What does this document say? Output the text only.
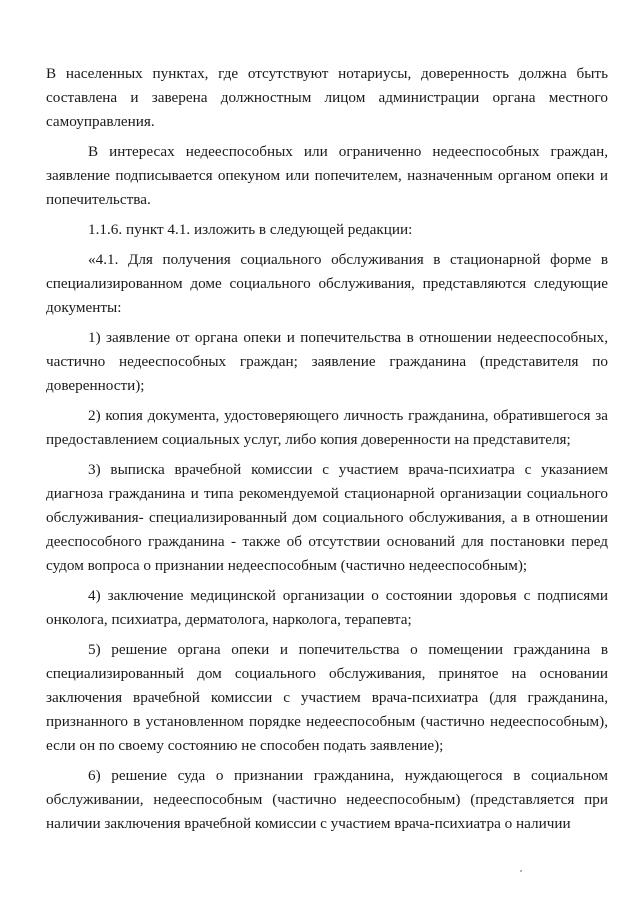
В населенных пунктах, где отсутствуют нотариусы, доверенность должна быть составлена и заверена должностным лицом администрации органа местного самоуправления.

В интересах недееспособных или ограниченно недееспособных граждан, заявление подписывается опекуном или попечителем, назначенным органом опеки и попечительства.

1.1.6. пункт 4.1. изложить в следующей редакции:

«4.1. Для получения социального обслуживания в стационарной форме в специализированном доме социального обслуживания, представляются следующие документы:

1) заявление от органа опеки и попечительства в отношении недееспособных, частично недееспособных граждан; заявление гражданина (представителя по доверенности);

2) копия документа, удостоверяющего личность гражданина, обратившегося за предоставлением социальных услуг, либо копия доверенности на представителя;

3) выписка врачебной комиссии с участием врача-психиатра с указанием диагноза гражданина и типа рекомендуемой стационарной организации социального обслуживания- специализированный дом социального обслуживания, а в отношении дееспособного гражданина - также об отсутствии оснований для постановки перед судом вопроса о признании недееспособным (частично недееспособным);

4) заключение медицинской организации о состоянии здоровья с подписями онколога, психиатра, дерматолога, нарколога, терапевта;

5) решение органа опеки и попечительства о помещении гражданина в специализированный дом социального обслуживания, принятое на основании заключения врачебной комиссии с участием врача-психиатра (для гражданина, признанного в установленном порядке недееспособным (частично недееспособным), если он по своему состоянию не способен подать заявление);

6) решение суда о признании гражданина, нуждающегося в социальном обслуживании, недееспособным (частично недееспособным) (представляется при наличии заключения врачебной комиссии с участием врача-психиатра о наличии
